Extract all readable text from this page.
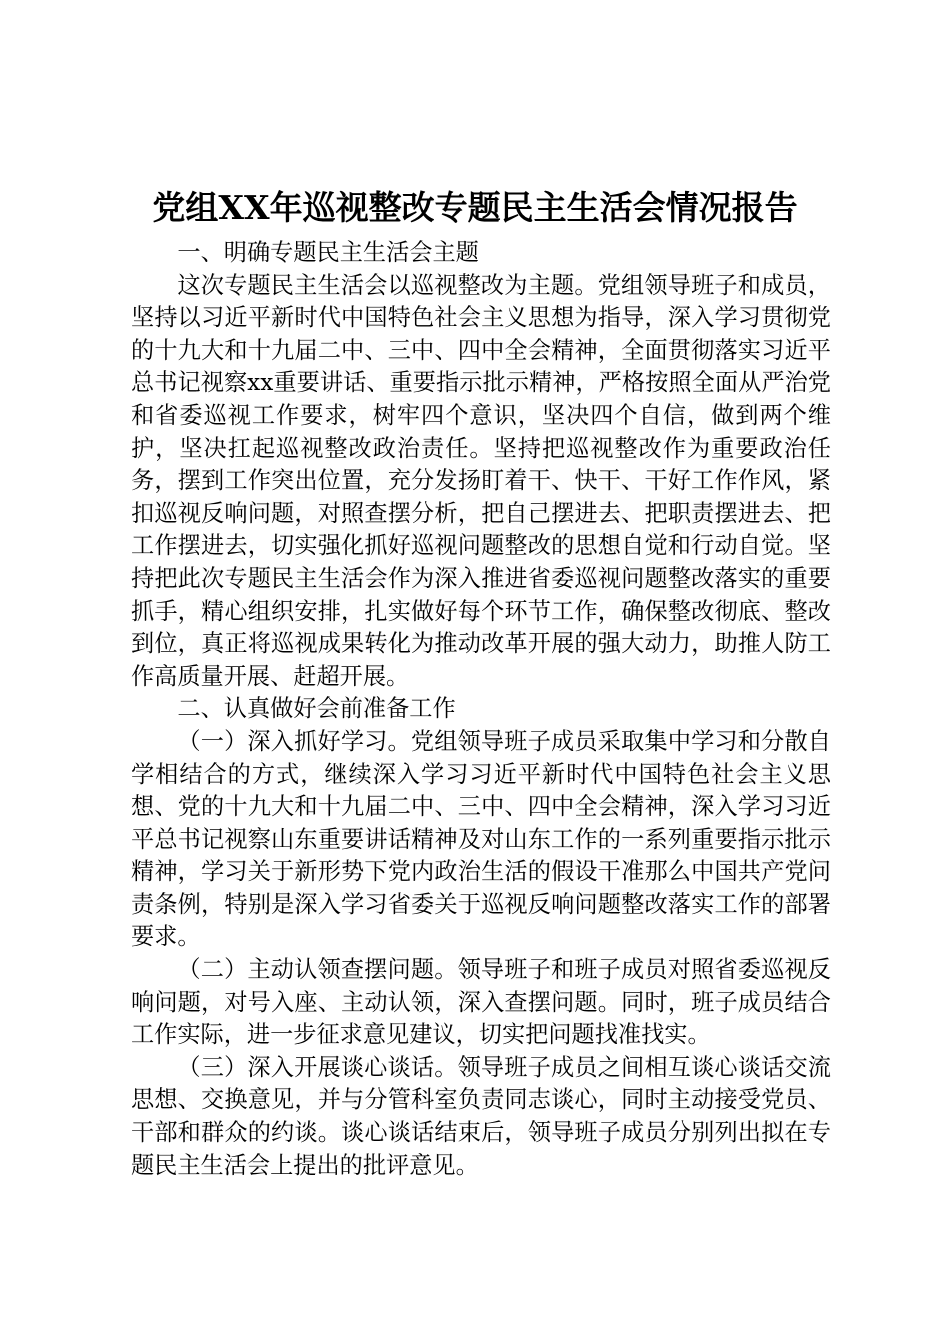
党组XX年巡视整改专题民主生活会情况报告

一、明确专题民主生活会主题

这次专题民主生活会以巡视整改为主题。党组领导班子和成员，坚持以习近平新时代中国特色社会主义思想为指导，深入学习贯彻党的十九大和十九届二中、三中、四中全会精神，全面贯彻落实习近平总书记视察xx重要讲话、重要指示批示精神，严格按照全面从严治党和省委巡视工作要求，树牢四个意识，坚决四个自信，做到两个维护，坚决扛起巡视整改政治责任。坚持把巡视整改作为重要政治任务，摆到工作突出位置，充分发扬盯着干、快干、干好工作作风，紧扣巡视反响问题，对照查摆分析，把自己摆进去、把职责摆进去、把工作摆进去，切实强化抓好巡视问题整改的思想自觉和行动自觉。坚持把此次专题民主生活会作为深入推进省委巡视问题整改落实的重要抓手，精心组织安排，扎实做好每个环节工作，确保整改彻底、整改到位，真正将巡视成果转化为推动改革开展的强大动力，助推人防工作高质量开展、赶超开展。

二、认真做好会前准备工作

（一）深入抓好学习。党组领导班子成员采取集中学习和分散自学相结合的方式，继续深入学习习近平新时代中国特色社会主义思想、党的十九大和十九届二中、三中、四中全会精神，深入学习习近平总书记视察山东重要讲话精神及对山东工作的一系列重要指示批示精神，学习关于新形势下党内政治生活的假设干准那么中国共产党问责条例，特别是深入学习省委关于巡视反响问题整改落实工作的部署要求。

（二）主动认领查摆问题。领导班子和班子成员对照省委巡视反响问题，对号入座、主动认领，深入查摆问题。同时，班子成员结合工作实际，进一步征求意见建议，切实把问题找准找实。

（三）深入开展谈心谈话。领导班子成员之间相互谈心谈话交流思想、交换意见，并与分管科室负责同志谈心，同时主动接受党员、干部和群众的约谈。谈心谈话结束后，领导班子成员分别列出拟在专题民主生活会上提出的批评意见。
